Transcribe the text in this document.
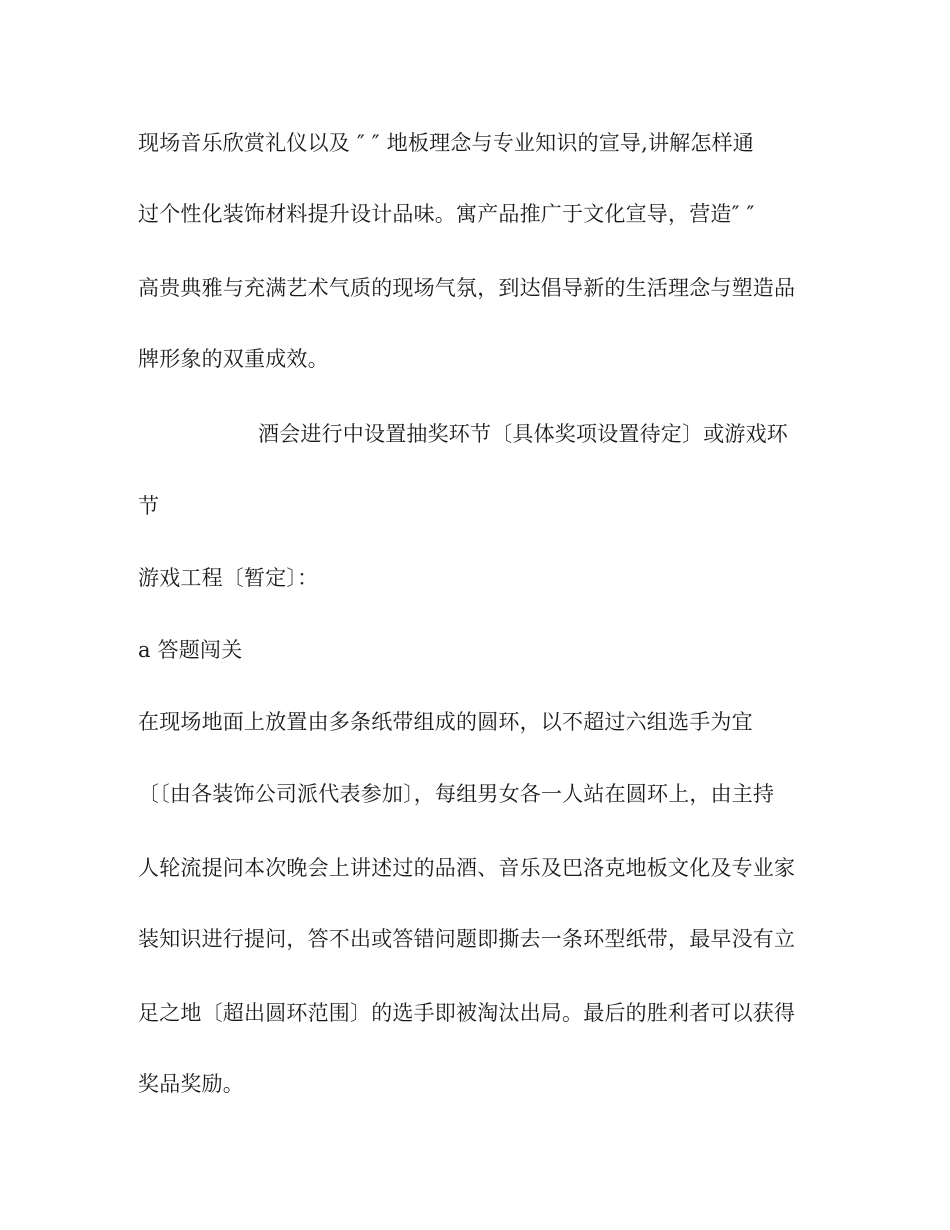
现场音乐欣赏礼仪以及 ″ ″ 地板理念与专业知识的宣导,讲解怎样通
过个性化装饰材料提升设计品味。寓产品推广于文化宣导，营造″ ″
高贵典雅与充满艺术气质的现场气氛，到达倡导新的生活理念与塑造品
牌形象的双重成效。
酒会进行中设置抽奖环节〔具体奖项设置待定〕或游戏环
节
游戏工程〔暂定〕：
a 答题闯关
在现场地面上放置由多条纸带组成的圆环，以不超过六组选手为宜
〔〔由各装饰公司派代表参加〕，每组男女各一人站在圆环上，由主持
人轮流提问本次晚会上讲述过的品酒、音乐及巴洛克地板文化及专业家
装知识进行提问，答不出或答错问题即撕去一条环型纸带，最早没有立
足之地〔超出圆环范围〕的选手即被淘汰出局。最后的胜利者可以获得
奖品奖励。
